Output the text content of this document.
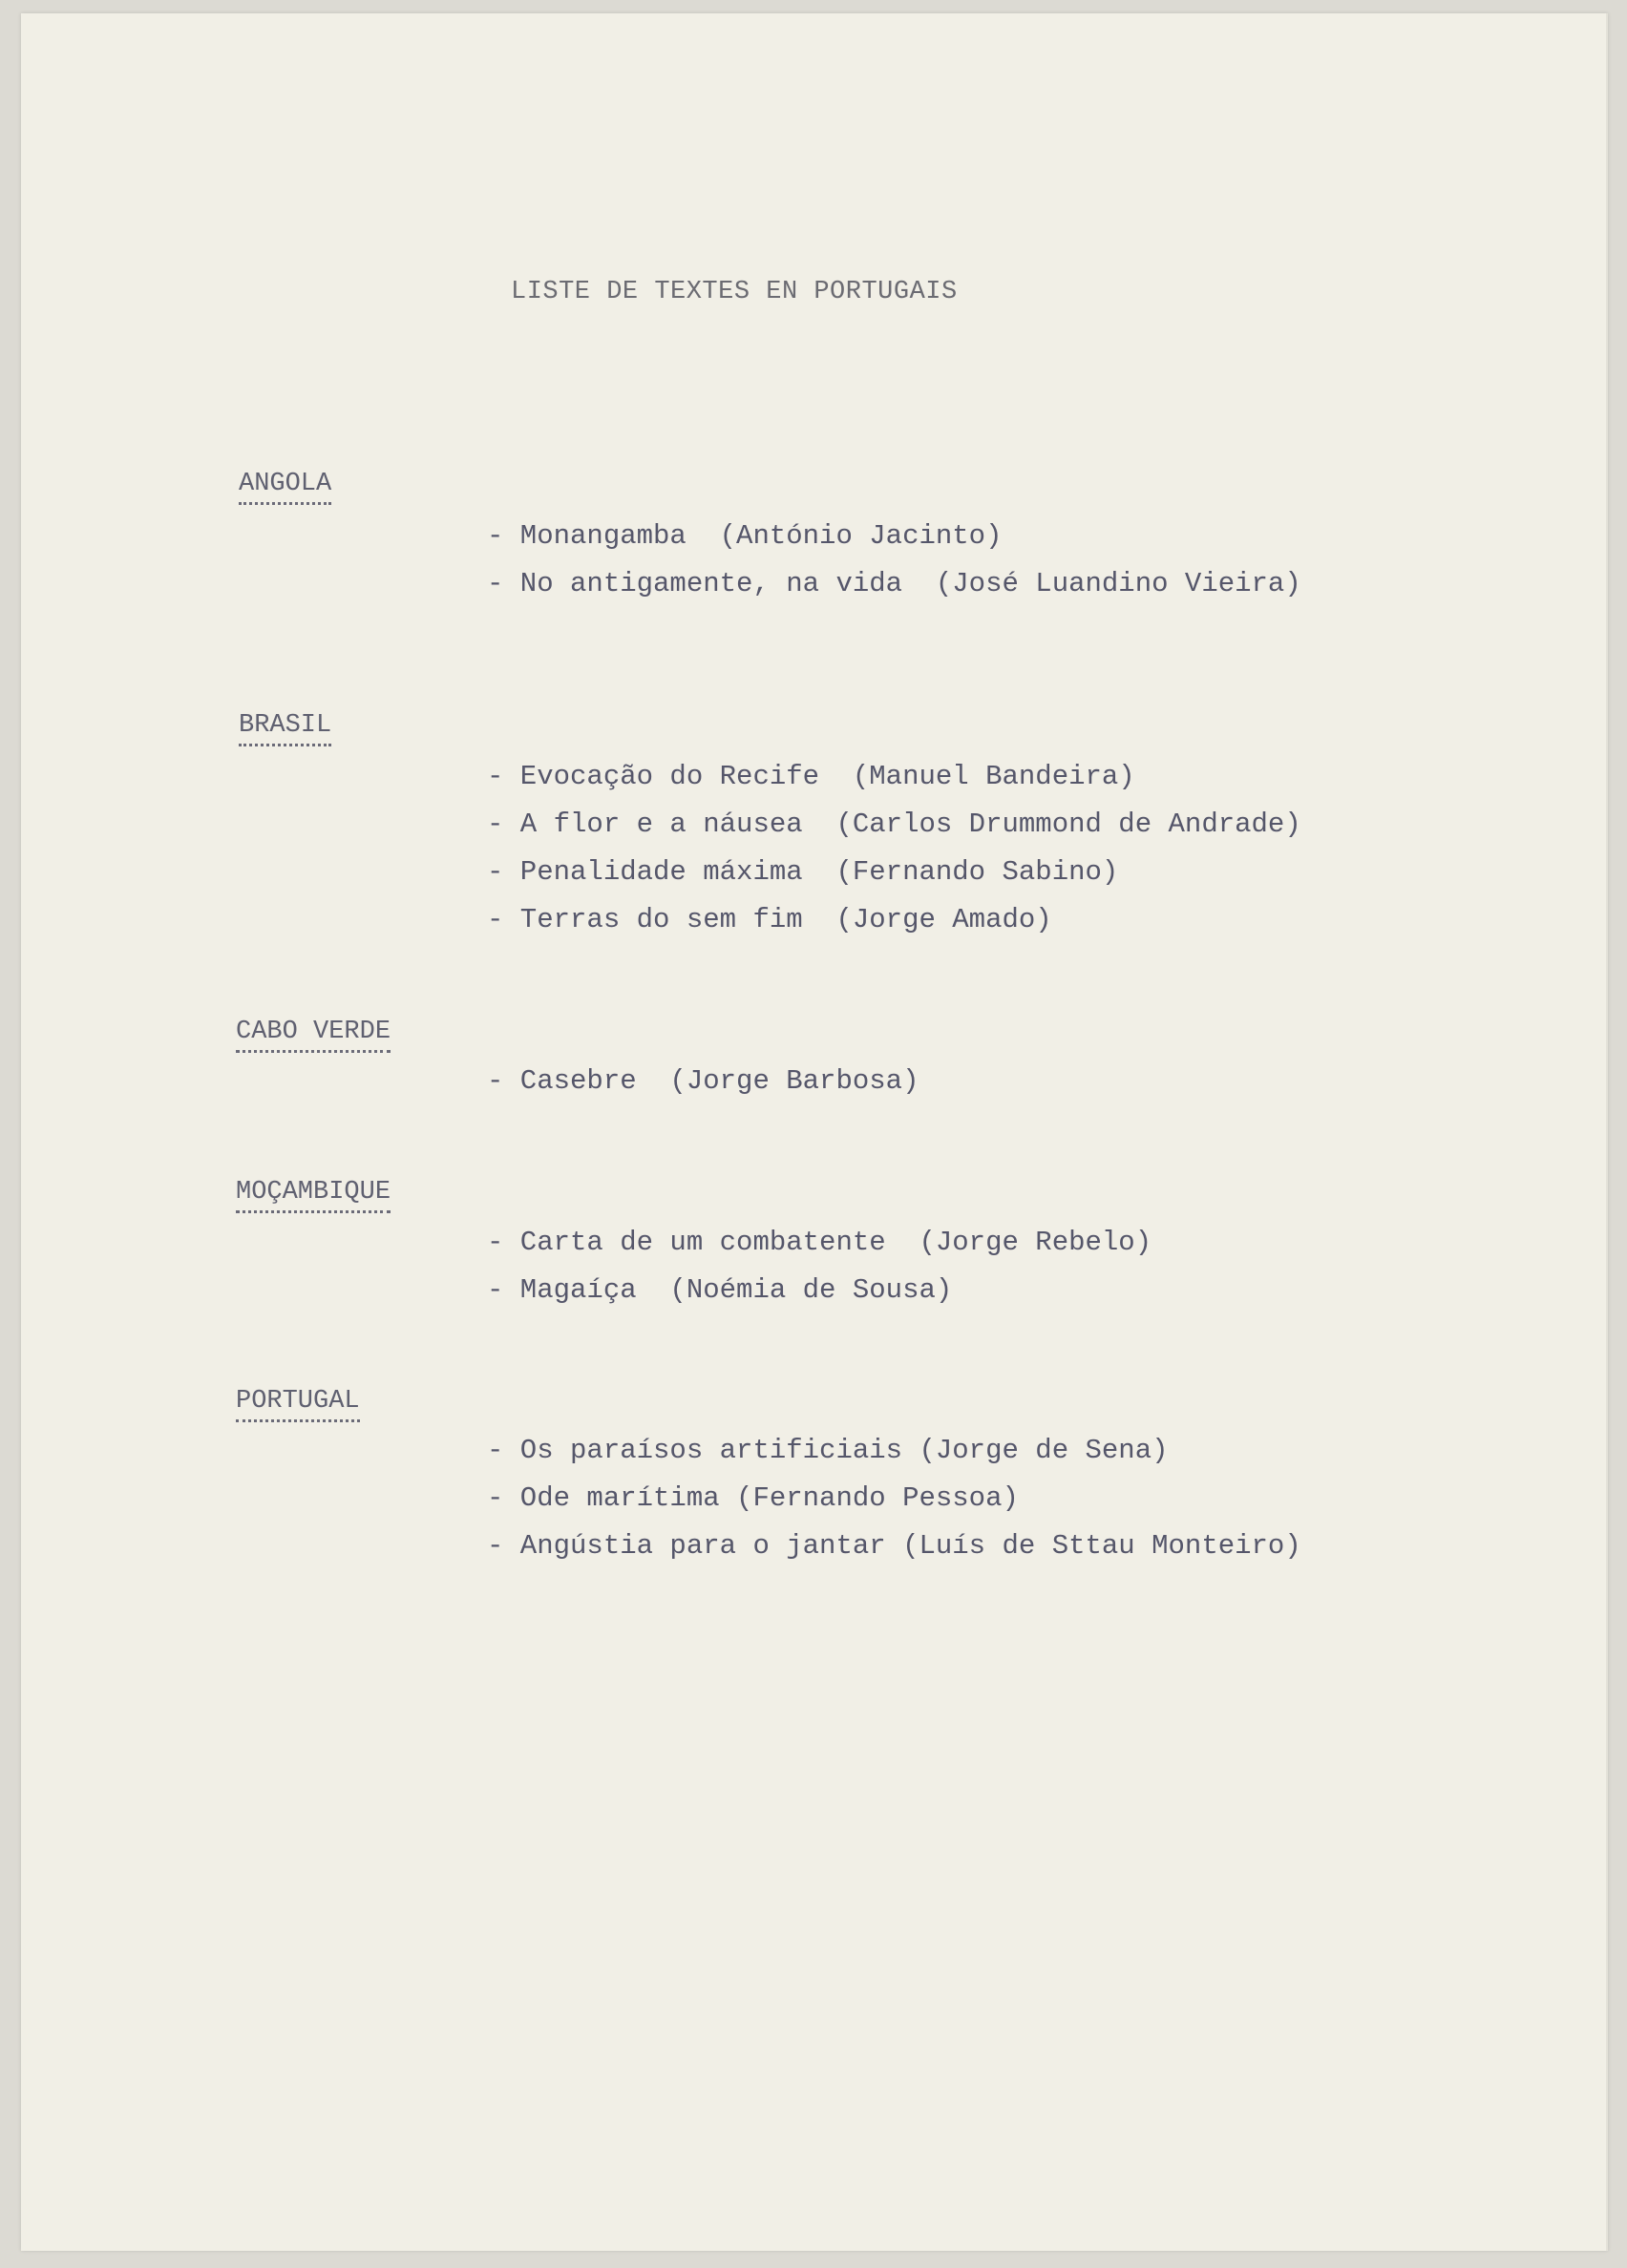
LISTE DE TEXTES EN PORTUGAIS
ANGOLA
- Monangamba  (António Jacinto)
- No antigamente, na vida  (José Luandino Vieira)
BRASIL
- Evocação do Recife  (Manuel Bandeira)
- A flor e a náusea  (Carlos Drummond de Andrade)
- Penalidade máxima  (Fernando Sabino)
- Terras do sem fim  (Jorge Amado)
CABO VERDE
- Casebre  (Jorge Barbosa)
MOÇAMBIQUE
- Carta de um combatente  (Jorge Rebelo)
- Magaíça  (Noémia de Sousa)
PORTUGAL
- Os paraísos artificiais (Jorge de Sena)
- Ode marítima (Fernando Pessoa)
- Angústia para o jantar (Luís de Sttau Monteiro)
